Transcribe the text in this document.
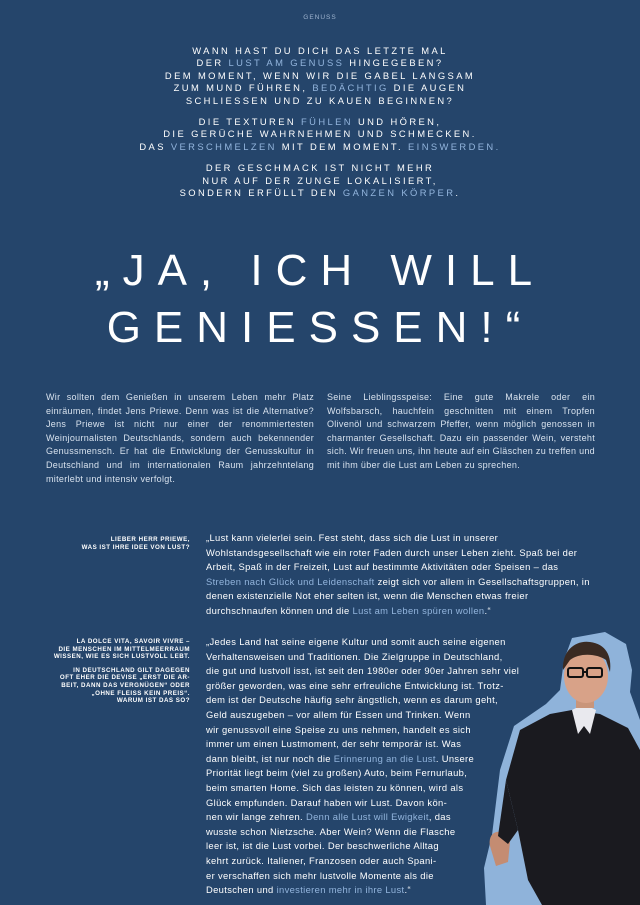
GENUSS

WANN HAST DU DICH DAS LETZTE MAL
DER LUST AM GENUSS HINGEGEBEN?
DEM MOMENT, WENN WIR DIE GABEL LANGSAM
ZUM MUND FÜHREN, BEDÄCHTIG DIE AUGEN
SCHLIESSEN UND ZU KAUEN BEGINNEN?

DIE TEXTUREN FÜHLEN UND HÖREN,
DIE GERÜCHE WAHRNEHMEN UND SCHMECKEN.
DAS VERSCHMELZEN MIT DEM MOMENT. EINSWERDEN.

DER GESCHMACK IST NICHT MEHR
NUR AUF DER ZUNGE LOKALISIERT,
SONDERN ERFÜLLT DEN GANZEN KÖRPER.

„JA, ICH WILL
GENIESSEN!“
Wir sollten dem Genießen in unserem Leben mehr Platz einräumen, findet Jens Priewe. Denn was ist die Alternative? Jens Priewe ist nicht nur einer der renommiertesten Weinjournalisten Deutschlands, sondern auch bekennender Genussmensch. Er hat die Entwicklung der Genusskultur in Deutschland und im internationalen Raum jahrzehntelang miterlebt und intensiv verfolgt.
Seine Lieblingsspeise: Eine gute Makrele oder ein Wolfsbarsch, hauchfein geschnitten mit einem Tropfen Olivenöl und schwarzem Pfeffer, wenn möglich genossen in charmanter Gesellschaft. Dazu ein passender Wein, versteht sich. Wir freuen uns, ihn heute auf ein Gläschen zu treffen und mit ihm über die Lust am Leben zu sprechen.
LIEBER HERR PRIEWE,
WAS IST IHRE IDEE VON LUST?
„Lust kann vielerlei sein. Fest steht, dass sich die Lust in unserer Wohlstandsgesellschaft wie ein roter Faden durch unser Leben zieht. Spaß bei der Arbeit, Spaß in der Freizeit, Lust auf bestimmte Aktivitäten oder Speisen – das Streben nach Glück und Leidenschaft zeigt sich vor allem in Gesellschaftsgruppen, in denen existenzielle Not eher selten ist, wenn die Menschen etwas freier durchschnaufen können und die Lust am Leben spüren wollen.“
LA DOLCE VITA, SAVOIR VIVRE –
DIE MENSCHEN IM MITTELMEERRAUM
WISSEN, WIE ES SICH LUSTVOLL LEBT.
IN DEUTSCHLAND GILT DAGEGEN
OFT EHER DIE DEVISE „ERST DIE AR-
BEIT, DANN DAS VERGNÜGEN“ ODER
„OHNE FLEISS KEIN PREIS“.
WARUM IST DAS SO?
„Jedes Land hat seine eigene Kultur und somit auch seine eigenen
Verhaltensweisen und Traditionen. Die Zielgruppe in Deutschland,
die gut und lustvoll isst, ist seit den 1980er oder 90er Jahren sehr viel
größer geworden, was eine sehr erfreuliche Entwicklung ist. Trotz-
dem ist der Deutsche häufig sehr ängstlich, wenn es darum geht,
Geld auszugeben – vor allem für Essen und Trinken. Wenn
wir genussvoll eine Speise zu uns nehmen, handelt es sich
immer um einen Lustmoment, der sehr temporär ist. Was
dann bleibt, ist nur noch die Erinnerung an die Lust. Unsere
Priorität liegt beim (viel zu großen) Auto, beim Fernurlaub,
beim smarten Home. Sich das leisten zu können, wird als
Glück empfunden. Darauf haben wir Lust. Davon kön-
nen wir lange zehren. Denn alle Lust will Ewigkeit, das
wusste schon Nietzsche. Aber Wein? Wenn die Flasche
leer ist, ist die Lust vorbei. Der beschwerliche Alltag
kehrt zurück. Italiener, Franzosen oder auch Spani-
er verschaffen sich mehr lustvolle Momente als die
Deutschen und investieren mehr in ihre Lust.“
